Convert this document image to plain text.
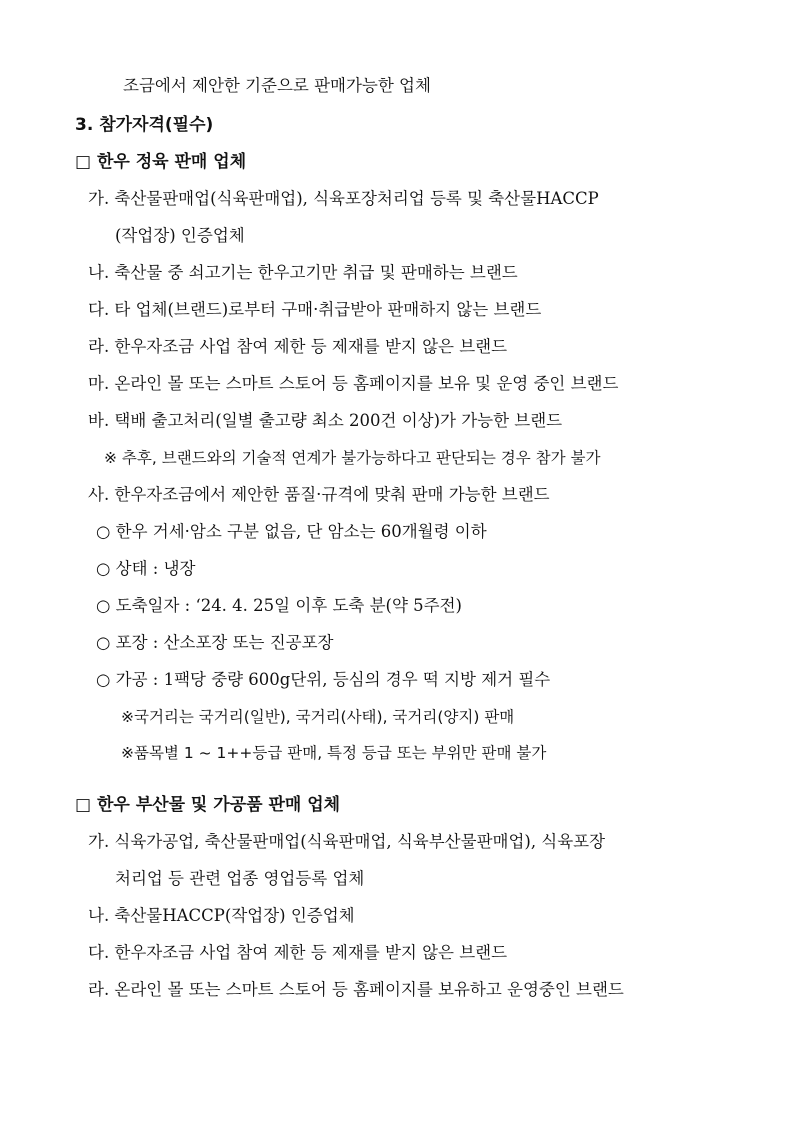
조금에서 제안한 기준으로 판매가능한 업체
3. 참가자격(필수)
□ 한우 정육 판매 업체
가. 축산물판매업(식육판매업), 식육포장처리업 등록 및 축산물HACCP
(작업장) 인증업체
나. 축산물 중 쇠고기는 한우고기만 취급 및 판매하는 브랜드
다. 타 업체(브랜드)로부터 구매·취급받아 판매하지 않는 브랜드
라. 한우자조금 사업 참여 제한 등 제재를 받지 않은 브랜드
마. 온라인 몰 또는 스마트 스토어 등 홈페이지를 보유 및 운영 중인 브랜드
바. 택배 출고처리(일별 출고량 최소 200건 이상)가 가능한 브랜드
※ 추후, 브랜드와의 기술적 연계가 불가능하다고 판단되는 경우 참가 불가
사. 한우자조금에서 제안한 품질·규격에 맞춰 판매 가능한 브랜드
○ 한우 거세·암소 구분 없음, 단 암소는 60개월령 이하
○ 상태 : 냉장
○ 도축일자 : ‘24. 4. 25일 이후 도축 분(약 5주전)
○ 포장 : 산소포장 또는 진공포장
○ 가공 : 1팩당 중량 600g단위, 등심의 경우 떡 지방 제거 필수
※국거리는 국거리(일반), 국거리(사태), 국거리(양지) 판매
※품목별 1 ~ 1++등급 판매, 특정 등급 또는 부위만 판매 불가
□ 한우 부산물 및 가공품 판매 업체
가. 식육가공업, 축산물판매업(식육판매업, 식육부산물판매업), 식육포장
처리업 등 관련 업종 영업등록 업체
나. 축산물HACCP(작업장) 인증업체
다. 한우자조금 사업 참여 제한 등 제재를 받지 않은 브랜드
라. 온라인 몰 또는 스마트 스토어 등 홈페이지를 보유하고 운영중인 브랜드
